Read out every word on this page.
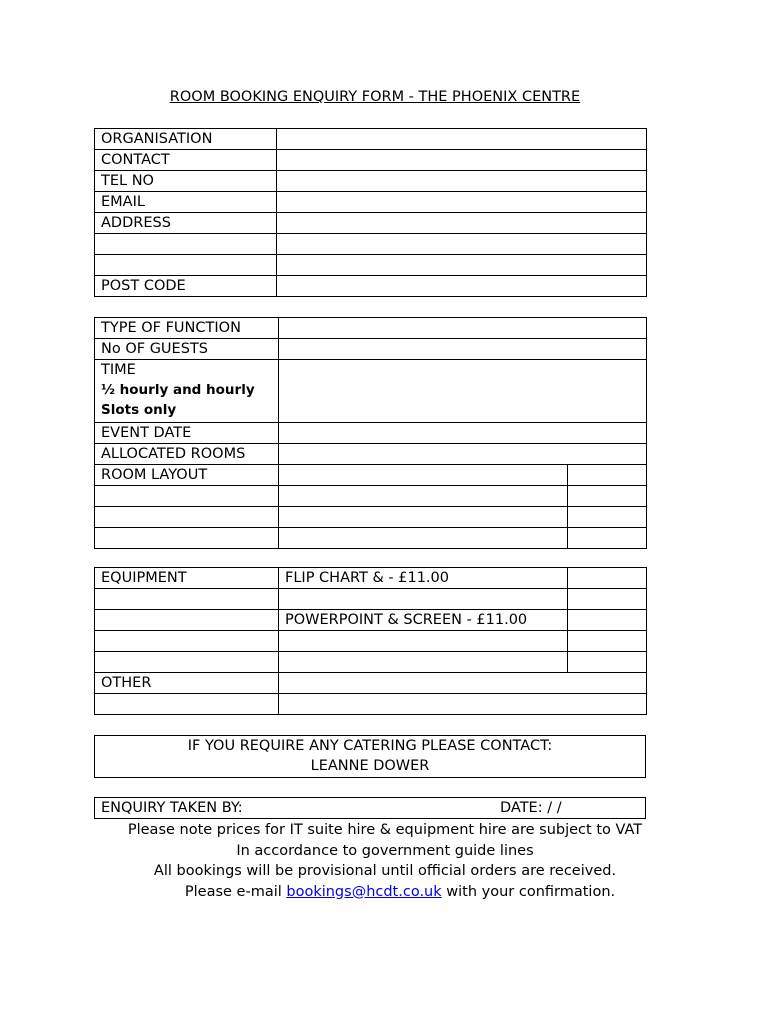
ROOM BOOKING ENQUIRY FORM - THE PHOENIX CENTRE
ORGANISATION	
CONTACT	
TEL NO	
EMAIL	
ADDRESS	

POST CODE	
TYPE OF FUNCTION		
No OF GUESTS		

TIME
½ hourly and hourly
Slots only		

EVENT DATE		
ALLOCATED ROOMS		
ROOM LAYOUT		

EQUIPMENT	FLIP CHART & - £11.00	

	POWERPOINT & SCREEN - £11.00	

OTHER		

IF YOU REQUIRE ANY CATERING PLEASE CONTACT:
LEANNE DOWER
ENQUIRY TAKEN BY:	DATE: / /
Please note prices for IT suite hire & equipment hire are subject to VAT
In accordance to government guide lines
All bookings will be provisional until official orders are received.
Please e-mail bookings@hcdt.co.uk with your confirmation.
